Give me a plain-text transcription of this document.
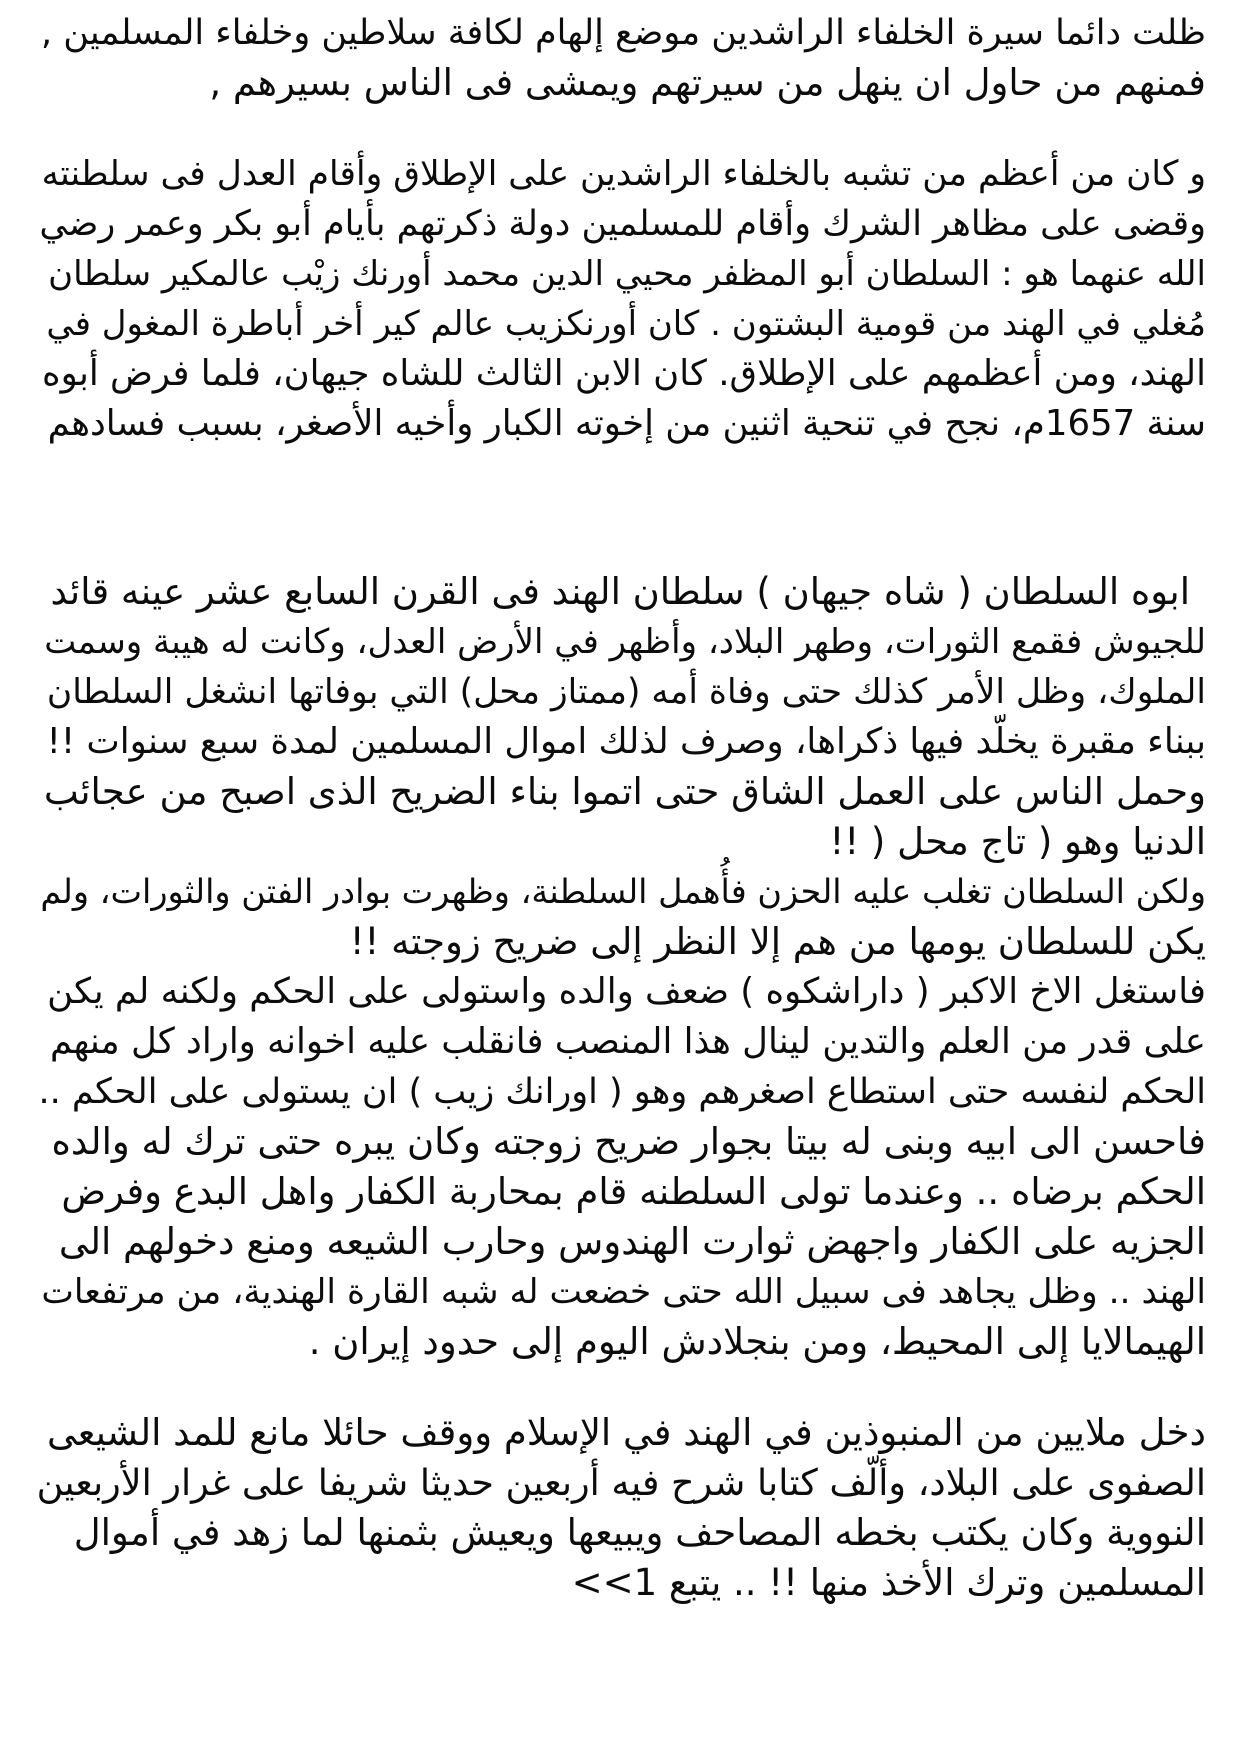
ظلت دائما سيرة الخلفاء الراشدين موضع إلهام لكافة سلاطين وخلفاء المسلمين ,
فمنهم من حاول ان ينهل من سيرتهم ويمشى فى الناس بسيرهم ,
و كان من أعظم من تشبه بالخلفاء الراشدين على الإطلاق وأقام العدل فى سلطنته
وقضى على مظاهر الشرك وأقام للمسلمين دولة ذكرتهم بأيام أبو بكر وعمر رضي
الله عنهما هو : السلطان أبو المظفر محيي الدين محمد أورنك زيْب عالمكير سلطان
مُغلي في الهند من قومية البشتون . كان أورنكزيب عالم كير أخر أباطرة المغول في
الهند، ومن أعظمهم على الإطلاق. كان الابن الثالث للشاه جيهان، فلما فرض أبوه
سنة 1657م، نجح في تنحية اثنين من إخوته الكبار وأخيه الأصغر، بسبب فسادهم
ابوه السلطان ( شاه جيهان ) سلطان الهند فى القرن السابع عشر عينه قائد
للجيوش فقمع الثورات، وطهر البلاد، وأظهر في الأرض العدل، وكانت له هيبة وسمت
الملوك، وظل الأمر كذلك حتى وفاة أمه (ممتاز محل) التي بوفاتها انشغل السلطان
ببناء مقبرة يخلّد فيها ذكراها، وصرف لذلك اموال المسلمين لمدة سبع سنوات !!
وحمل الناس على العمل الشاق حتى اتموا بناء الضريح الذى اصبح من عجائب
الدنيا وهو ( تاج محل ( !!
ولكن السلطان تغلب عليه الحزن فأُهمل السلطنة، وظهرت بوادر الفتن والثورات، ولم
يكن للسلطان يومها من هم إلا النظر إلى ضريح زوجته !!
فاستغل الاخ الاكبر ( داراشكوه ) ضعف والده واستولى على الحكم ولكنه لم يكن
على قدر من العلم والتدين لينال هذا المنصب فانقلب عليه اخوانه واراد كل منهم
الحكم لنفسه حتى استطاع اصغرهم وهو ( اورانك زيب ) ان يستولى على الحكم ..
فاحسن الى ابيه وبنى له بيتا بجوار ضريح زوجته وكان يبره حتى ترك له والده
الحكم برضاه .. وعندما تولى السلطنه قام بمحاربة الكفار واهل البدع وفرض
الجزيه على الكفار واجهض ثوارت الهندوس وحارب الشيعه ومنع دخولهم الى
الهند .. وظل يجاهد فى سبيل الله حتى خضعت له شبه القارة الهندية، من مرتفعات
الهيمالايا إلى المحيط، ومن بنجلادش اليوم إلى حدود إيران .
دخل ملايين من المنبوذين في الهند في الإسلام ووقف حائلا مانع للمد الشيعى
الصفوى على البلاد، وألّف كتابا شرح فيه أربعين حديثا شريفا على غرار الأربعين
النووية وكان يكتب بخطه المصاحف ويبيعها ويعيش بثمنها لما زهد في أموال
المسلمين وترك الأخذ منها !! .. يتبع 1>>
